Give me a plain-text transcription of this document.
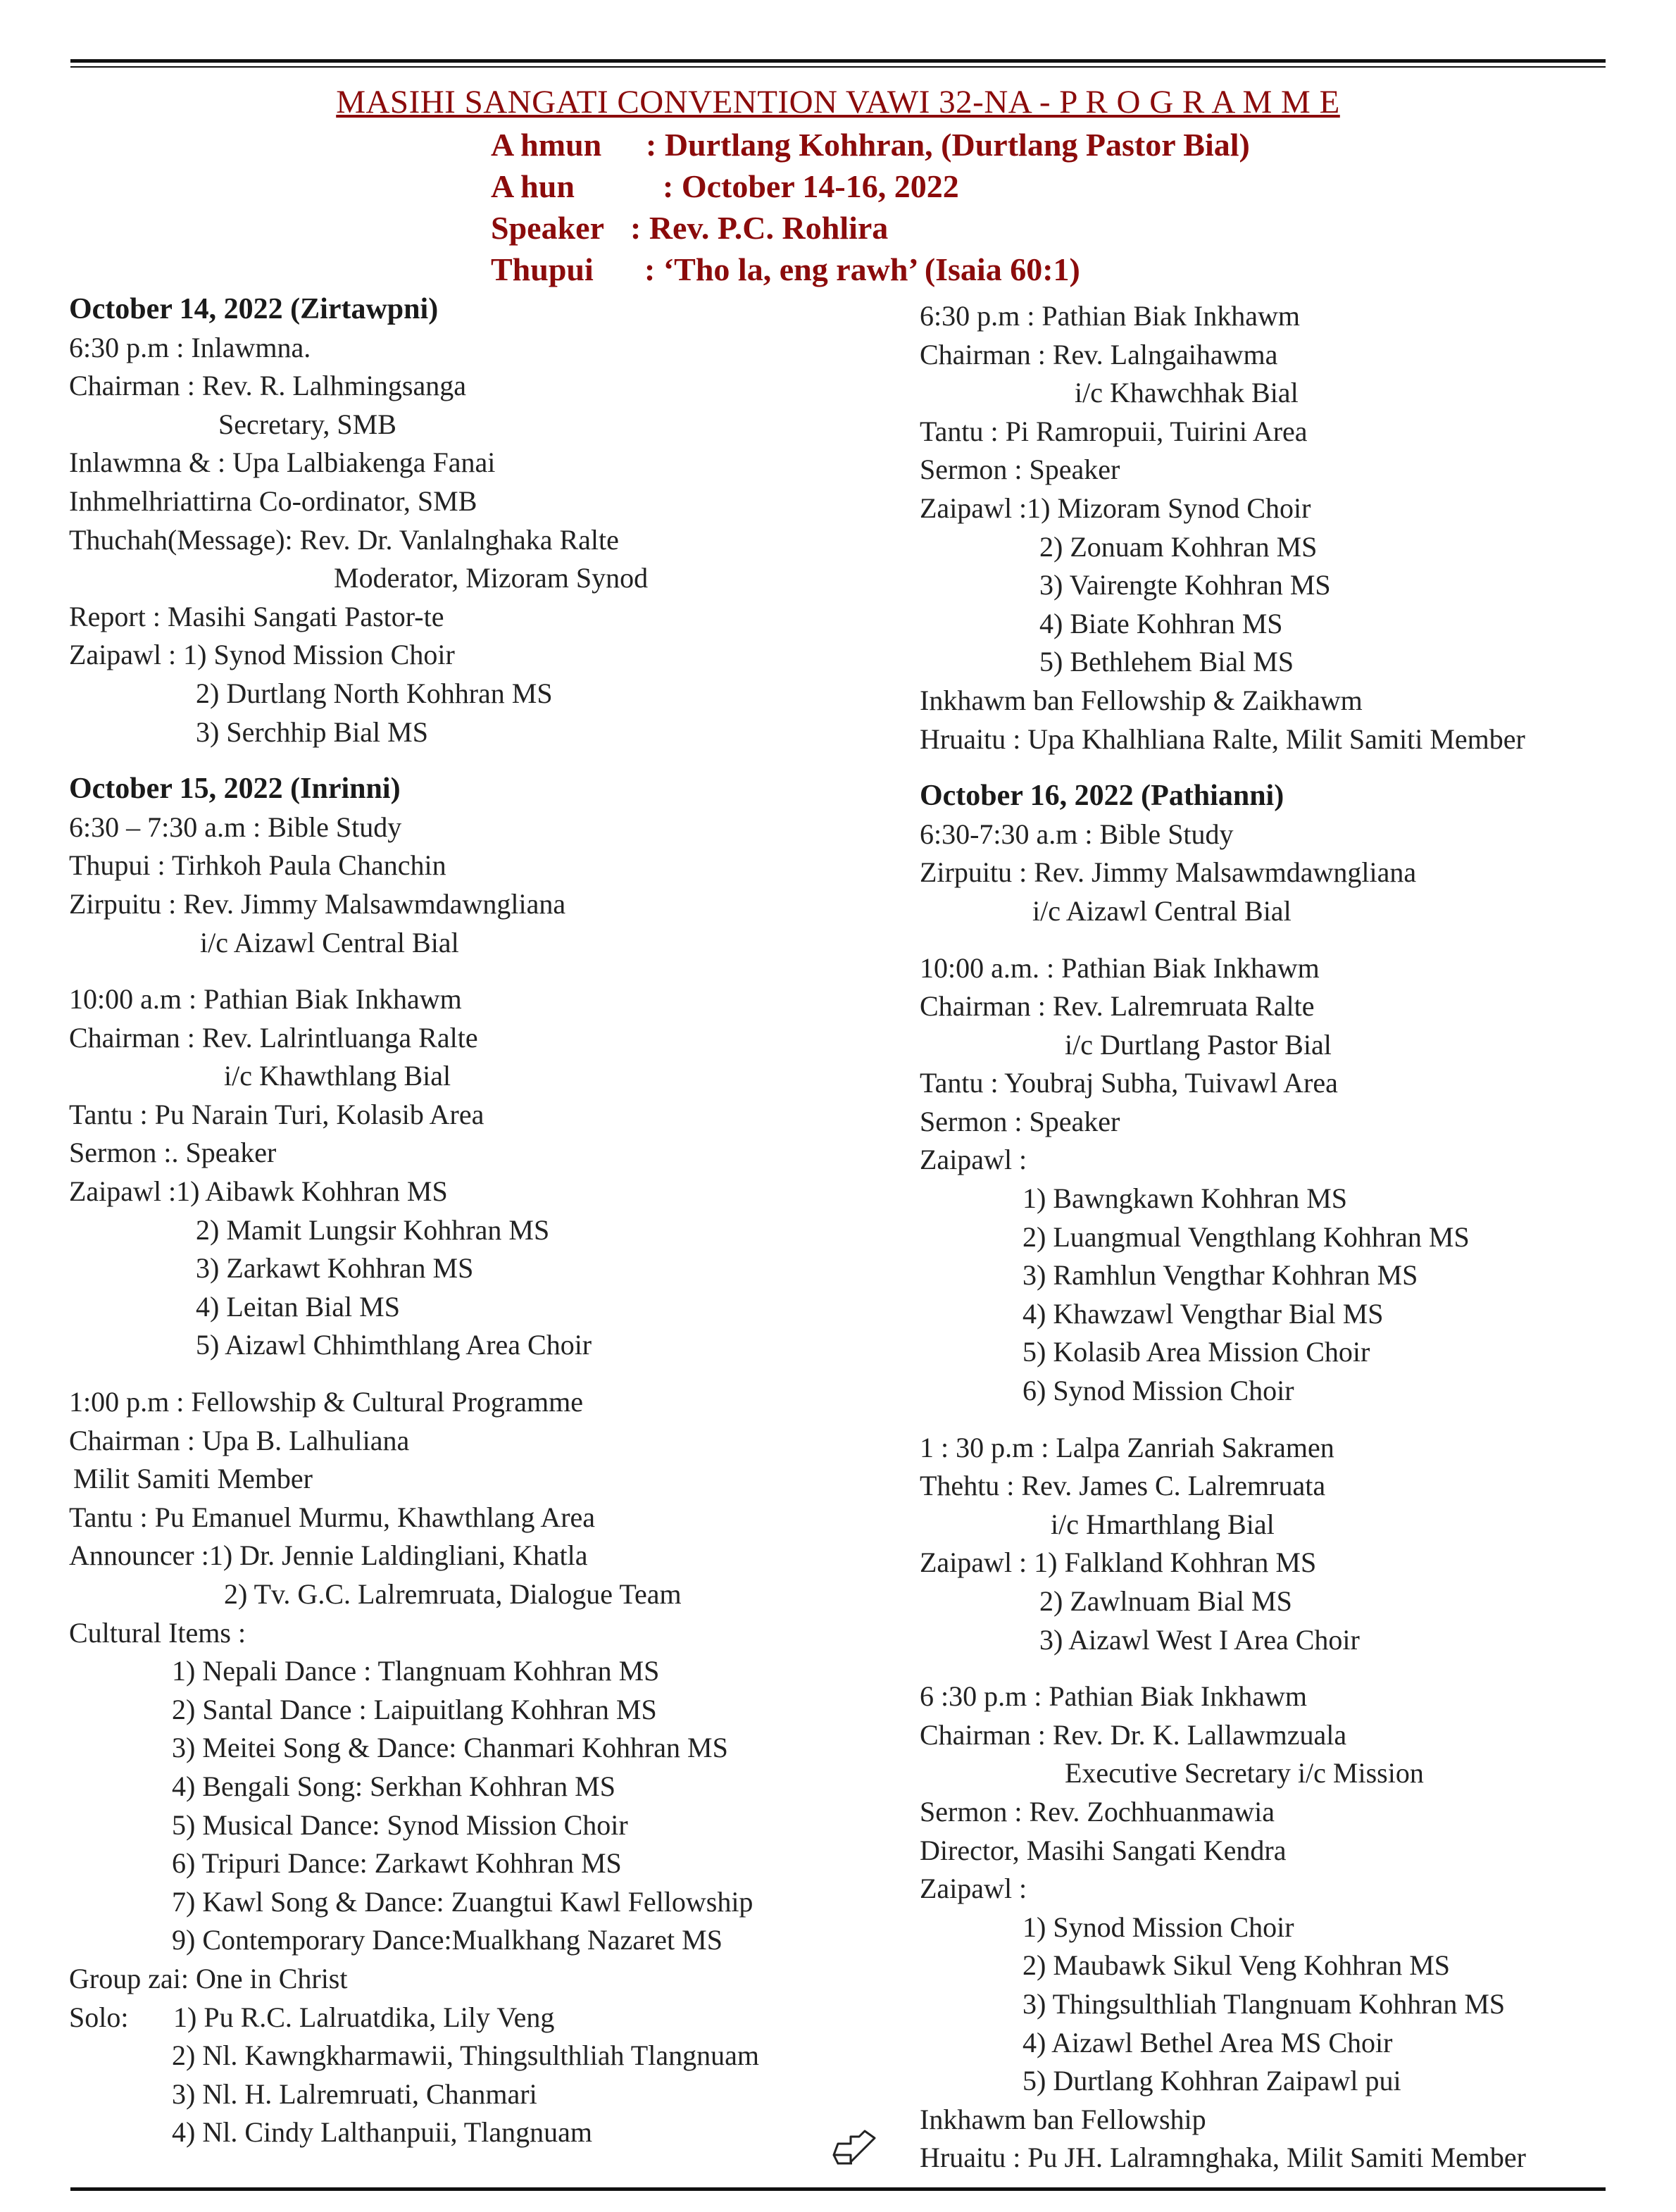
MASIHI SANGATI CONVENTION VAWI 32-NA - P R O G R A M M E
A hmun : Durtlang Kohhran, (Durtlang Pastor Bial)
A hun	: October 14-16, 2022
Speaker : Rev. P.C. Rohlira
Thupui : ‘Tho la, eng rawh’ (Isaia 60:1)
October 14, 2022 (Zirtawpni)
6:30 p.m : Inlawmna.
Chairman : Rev. R. Lalhmingsanga
Secretary, SMB
Inlawmna & : Upa Lalbiakenga Fanai
Inhmelhriattirna Co-ordinator, SMB
Thuchah(Message): Rev. Dr. Vanlalnghaka Ralte
Moderator, Mizoram Synod
Report : Masihi Sangati Pastor-te
Zaipawl : 1) Synod Mission Choir
2) Durtlang North Kohhran MS
3) Serchhip Bial MS
October 15, 2022 (Inrinni)
6:30 – 7:30 a.m : Bible Study
Thupui : Tirhkoh Paula Chanchin
Zirpuitu : Rev. Jimmy Malsawmdawngliana
i/c Aizawl Central Bial
10:00 a.m : Pathian Biak Inkhawm
Chairman : Rev. Lalrintluanga Ralte
i/c Khawthlang Bial
Tantu : Pu Narain Turi, Kolasib Area
Sermon :. Speaker
Zaipawl :1) Aibawk Kohhran MS
2) Mamit Lungsir Kohhran MS
3) Zarkawt Kohhran MS
4) Leitan Bial MS
5) Aizawl Chhimthlang Area Choir
1:00 p.m : Fellowship & Cultural Programme
Chairman : Upa B. Lalhuliana
Milit Samiti Member
Tantu : Pu Emanuel Murmu, Khawthlang Area
Announcer :1) Dr. Jennie Laldingliani, Khatla
2) Tv. G.C. Lalremruata, Dialogue Team
Cultural Items :
1) Nepali Dance : Tlangnuam Kohhran MS
2) Santal Dance : Laipuitlang Kohhran MS
3) Meitei Song & Dance: Chanmari Kohhran MS
4) Bengali Song: Serkhan Kohhran MS
5) Musical Dance: Synod Mission Choir
6) Tripuri Dance: Zarkawt Kohhran MS
7) Kawl Song & Dance: Zuangtui Kawl Fellowship
9) Contemporary Dance:Mualkhang Nazaret MS
Group zai: One in Christ
Solo: 1) Pu R.C. Lalruatdika, Lily Veng
2) Nl. Kawngkharmawii, Thingsulthliah Tlangnuam
3) Nl. H. Lalremruati, Chanmari
4) Nl. Cindy Lalthanpuii, Tlangnuam
6:30 p.m : Pathian Biak Inkhawm
Chairman : Rev. Lalngaihawma
i/c Khawchhak Bial
Tantu : Pi Ramropuii, Tuirini Area
Sermon : Speaker
Zaipawl :1) Mizoram Synod Choir
2) Zonuam Kohhran MS
3) Vairengte Kohhran MS
4) Biate Kohhran MS
5) Bethlehem Bial MS
Inkhawm ban Fellowship & Zaikhawm
Hruaitu : Upa Khalhliana Ralte, Milit Samiti Member
October 16, 2022 (Pathianni)
6:30-7:30 a.m : Bible Study
Zirpuitu : Rev. Jimmy Malsawmdawngliana
i/c Aizawl Central Bial
10:00 a.m. : Pathian Biak Inkhawm
Chairman : Rev. Lalremruata Ralte
i/c Durtlang Pastor Bial
Tantu : Youbraj Subha, Tuivawl Area
Sermon : Speaker
Zaipawl :
1) Bawngkawn Kohhran MS
2) Luangmual Vengthlang Kohhran MS
3) Ramhlun Vengthar Kohhran MS
4) Khawzawl Vengthar Bial MS
5) Kolasib Area Mission Choir
6) Synod Mission Choir
1 : 30 p.m : Lalpa Zanriah Sakramen
Thehtu : Rev. James C. Lalremruata
i/c Hmarthlang Bial
Zaipawl : 1) Falkland Kohhran MS
2) Zawlnuam Bial MS
3) Aizawl West I Area Choir
6 :30 p.m : Pathian Biak Inkhawm
Chairman : Rev. Dr. K. Lallawmzuala
Executive Secretary i/c Mission
Sermon : Rev. Zochhuanmawia
Director, Masihi Sangati Kendra
Zaipawl :
1) Synod Mission Choir
2) Maubawk Sikul Veng Kohhran MS
3) Thingsulthliah Tlangnuam Kohhran MS
4) Aizawl Bethel Area MS Choir
5) Durtlang Kohhran Zaipawl pui
Inkhawm ban Fellowship
Hruaitu : Pu JH. Lalramnghaka, Milit Samiti Member
